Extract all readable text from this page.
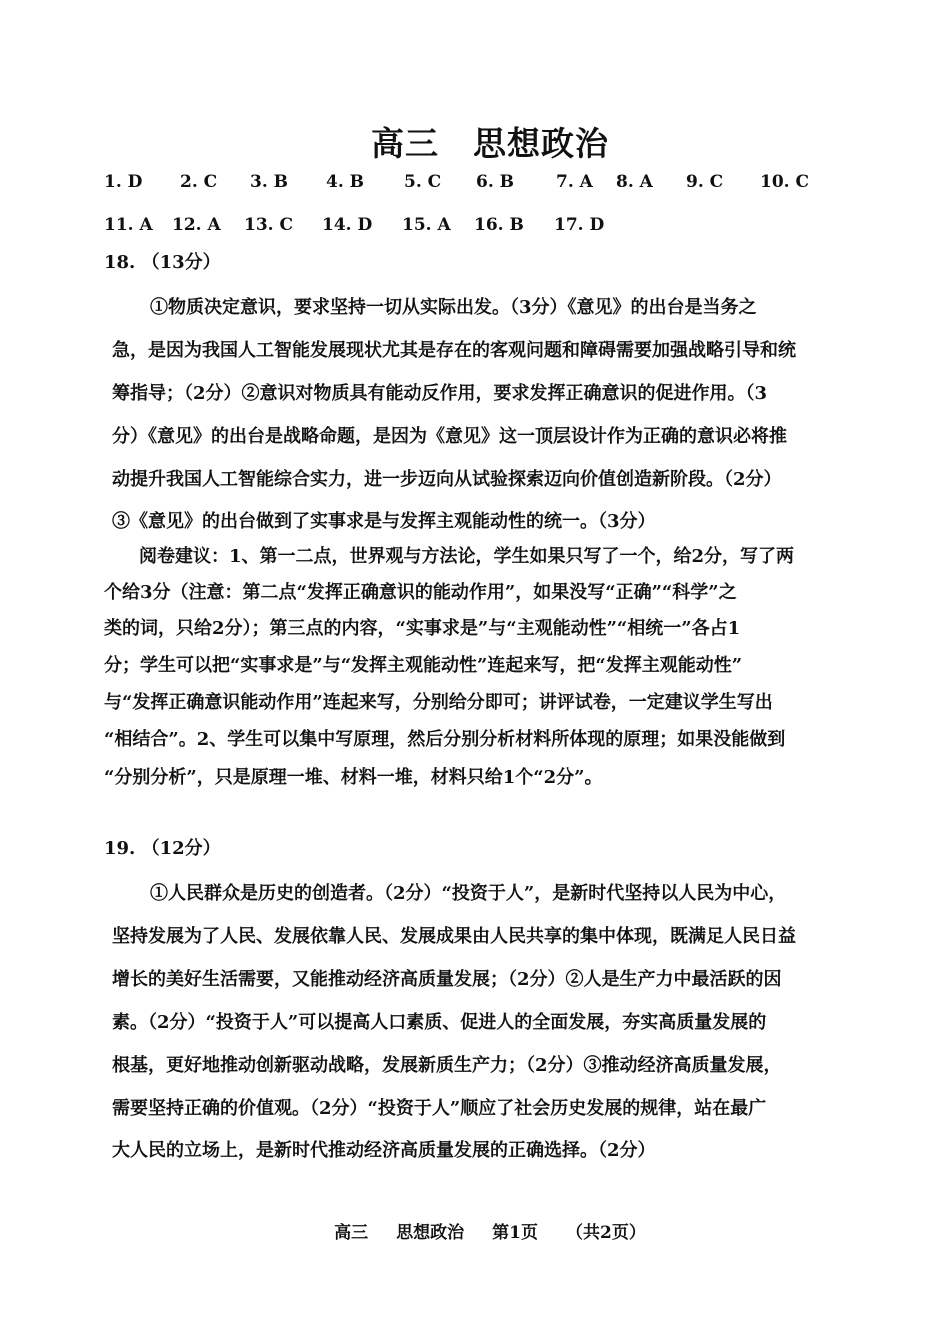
高三 思想政治
1. D 2. C 3. B 4. B 5. C 6. B 7. A 8. A 9. C 10. C
11. A 12. A 13. C 14. D 15. A 16. B 17. D
18. （13分）
①物质决定意识，要求坚持一切从实际出发。（3分）《意见》的出台是当务之
急，是因为我国人工智能发展现状尤其是存在的客观问题和障碍需要加强战略引导和统
筹指导；（2分）②意识对物质具有能动反作用，要求发挥正确意识的促进作用。（3
分）《意见》的出台是战略命题，是因为《意见》这一顶层设计作为正确的意识必将推
动提升我国人工智能综合实力，进一步迈向从试验探索迈向价值创造新阶段。（2分）
③《意见》的出台做到了实事求是与发挥主观能动性的统一。（3分）
阅卷建议：1、第一二点，世界观与方法论，学生如果只写了一个，给2分，写了两
个给3分（注意：第二点“发挥正确意识的能动作用”，如果没写“正确”“科学”之
类的词，只给2分）；第三点的内容，“实事求是”与“主观能动性”“相统一”各占1
分；学生可以把“实事求是”与“发挥主观能动性”连起来写，把“发挥主观能动性”
与“发挥正确意识能动作用”连起来写，分别给分即可；讲评试卷，一定建议学生写出
“相结合”。2、学生可以集中写原理，然后分别分析材料所体现的原理；如果没能做到
“分别分析”，只是原理一堆、材料一堆，材料只给1个“2分”。
19. （12分）
①人民群众是历史的创造者。（2分）“投资于人”，是新时代坚持以人民为中心，
坚持发展为了人民、发展依靠人民、发展成果由人民共享的集中体现，既满足人民日益
增长的美好生活需要，又能推动经济高质量发展；（2分）②人是生产力中最活跃的因
素。（2分）“投资于人”可以提高人口素质、促进人的全面发展，夯实高质量发展的
根基，更好地推动创新驱动战略，发展新质生产力；（2分）③推动经济高质量发展，
需要坚持正确的价值观。（2分）“投资于人”顺应了社会历史发展的规律，站在最广
大人民的立场上，是新时代推动经济高质量发展的正确选择。（2分）
高三 思想政治 第1页 （共2页）
